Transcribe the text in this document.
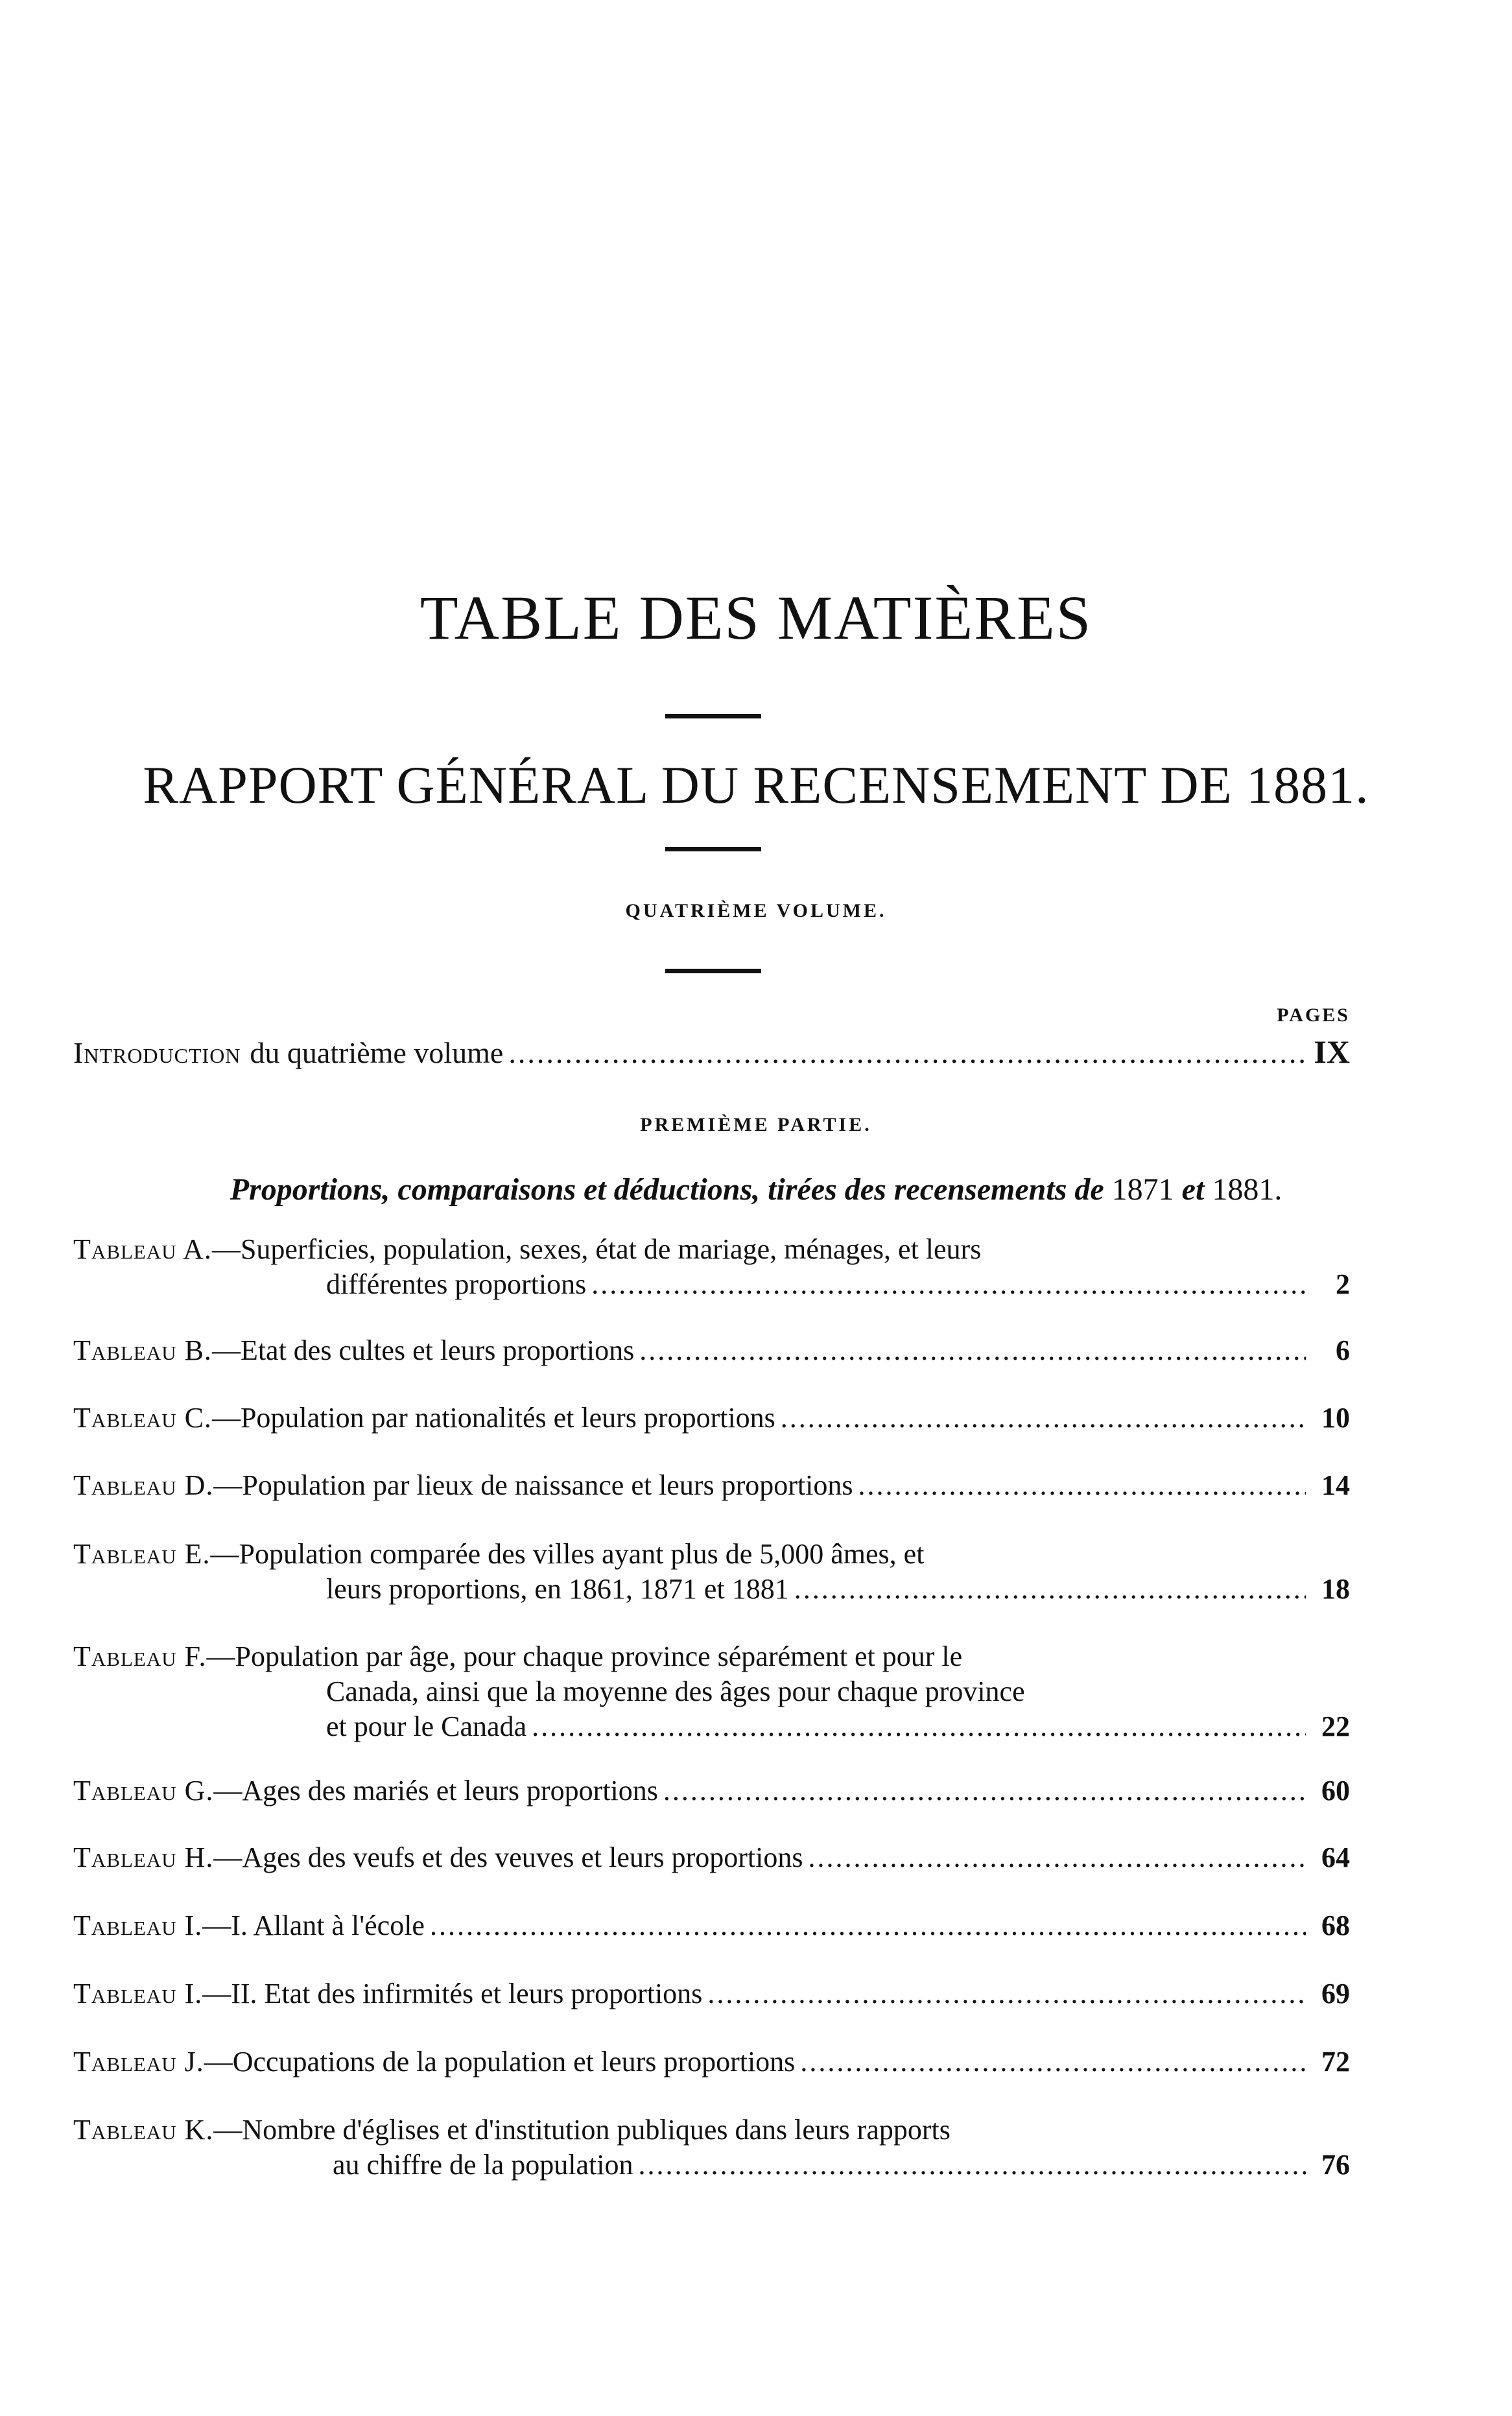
TABLE DES MATIÈRES
RAPPORT GÉNÉRAL DU RECENSEMENT DE 1881.
QUATRIÈME VOLUME.
PAGES
Introduction du quatrième volume .....	IX
PREMIÈME PARTIE.
Proportions, comparaisons et déductions, tirées des recensements de 1871 et 1881.
Tableau A.—Superficies, population, sexes, état de mariage, ménages, et leurs
différentes proportions .....	2
Tableau B. —Etat des cultes et leurs proportions .....	6
Tableau C. —Population par nationalités et leurs proportions .....	10
Tableau D. —Population par lieux de naissance et leurs proportions .....	14
Tableau E.—Population comparée des villes ayant plus de 5,000 âmes, et
leurs proportions, en 1861, 1871 et 1881 .....	18
Tableau F.—Population par âge, pour chaque province séparément et pour le
Canada, ainsi que la moyenne des âges pour chaque province
et pour le Canada .....	22
Tableau G. —Ages des mariés et leurs proportions .....	60
Tableau H. —Ages des veufs et des veuves et leurs proportions .....	64
Tableau I. —I. Allant à l'école .....	68
Tableau I. —II. Etat des infirmités et leurs proportions .....	69
Tableau J. —Occupations de la population et leurs proportions .....	72
Tableau K.—Nombre d'églises et d'institution publiques dans leurs rapports
au chiffre de la population .....	76
